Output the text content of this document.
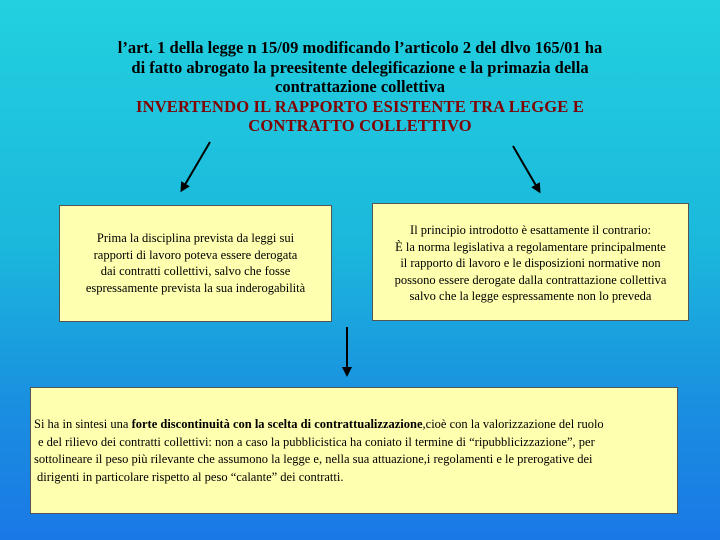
l’art. 1 della legge n 15/09 modificando l’articolo 2 del dlvo 165/01 ha
di fatto abrogato la preesitente delegificazione e la primazia della
contrattazione collettiva
INVERTENDO IL RAPPORTO ESISTENTE TRA LEGGE E
CONTRATTO COLLETTIVO
Prima la disciplina prevista da leggi sui
rapporti di lavoro poteva essere derogata
dai contratti collettivi, salvo che fosse
espressamente prevista la sua inderogabilità
Il principio introdotto è esattamente il contrario:
È la norma legislativa a regolamentare principalmente
il rapporto di lavoro e le disposizioni normative non
possono essere derogate dalla contrattazione collettiva
salvo che la legge espressamente non lo preveda
Si ha in sintesi una forte discontinuità con la scelta di contrattualizzazione,cioè con la valorizzazione del ruolo
e del rilievo dei contratti collettivi: non a caso la pubblicistica ha coniato il termine di “ripubblicizzazione”, per
sottolineare il peso più rilevante che assumono la legge e, nella sua attuazione,i regolamenti e le prerogative dei
dirigenti in particolare rispetto al peso “calante” dei contratti.
